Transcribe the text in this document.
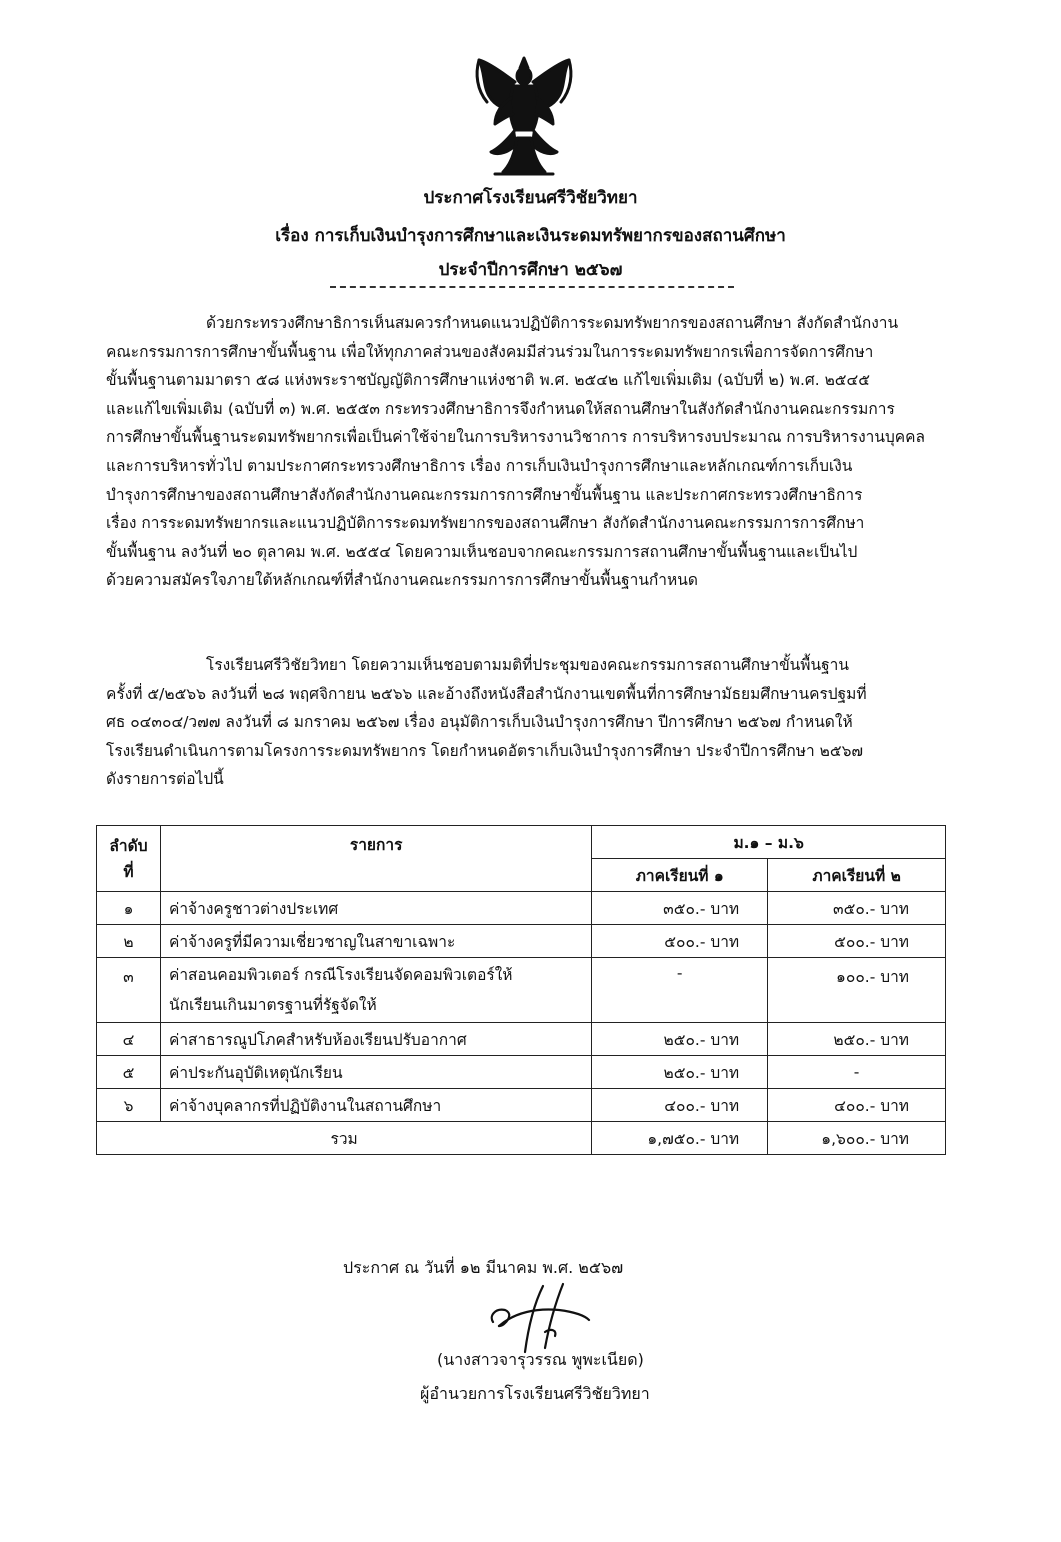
ประกาศโรงเรียนศรีวิชัยวิทยา
เรื่อง การเก็บเงินบำรุงการศึกษาและเงินระดมทรัพยากรของสถานศึกษา
ประจำปีการศึกษา ๒๕๖๗
ด้วยกระทรวงศึกษาธิการเห็นสมควรกำหนดแนวปฏิบัติการระดมทรัพยากรของสถานศึกษา สังกัดสำนักงาน
คณะกรรมการการศึกษาขั้นพื้นฐาน เพื่อให้ทุกภาคส่วนของสังคมมีส่วนร่วมในการระดมทรัพยากรเพื่อการจัดการศึกษา
ขั้นพื้นฐานตามมาตรา ๕๘ แห่งพระราชบัญญัติการศึกษาแห่งชาติ พ.ศ. ๒๕๔๒ แก้ไขเพิ่มเติม (ฉบับที่ ๒) พ.ศ. ๒๕๔๕
และแก้ไขเพิ่มเติม (ฉบับที่ ๓) พ.ศ. ๒๕๕๓ กระทรวงศึกษาธิการจึงกำหนดให้สถานศึกษาในสังกัดสำนักงานคณะกรรมการ
การศึกษาขั้นพื้นฐานระดมทรัพยากรเพื่อเป็นค่าใช้จ่ายในการบริหารงานวิชาการ การบริหารงบประมาณ การบริหารงานบุคคล
และการบริหารทั่วไป ตามประกาศกระทรวงศึกษาธิการ เรื่อง การเก็บเงินบำรุงการศึกษาและหลักเกณฑ์การเก็บเงิน
บำรุงการศึกษาของสถานศึกษาสังกัดสำนักงานคณะกรรมการการศึกษาขั้นพื้นฐาน และประกาศกระทรวงศึกษาธิการ
เรื่อง การระดมทรัพยากรและแนวปฏิบัติการระดมทรัพยากรของสถานศึกษา สังกัดสำนักงานคณะกรรมการการศึกษา
ขั้นพื้นฐาน ลงวันที่ ๒๐ ตุลาคม พ.ศ. ๒๕๕๔ โดยความเห็นชอบจากคณะกรรมการสถานศึกษาขั้นพื้นฐานและเป็นไป
ด้วยความสมัครใจภายใต้หลักเกณฑ์ที่สำนักงานคณะกรรมการการศึกษาขั้นพื้นฐานกำหนด
โรงเรียนศรีวิชัยวิทยา โดยความเห็นชอบตามมติที่ประชุมของคณะกรรมการสถานศึกษาขั้นพื้นฐาน
ครั้งที่ ๕/๒๕๖๖ ลงวันที่ ๒๘ พฤศจิกายน ๒๕๖๖ และอ้างถึงหนังสือสำนักงานเขตพื้นที่การศึกษามัธยมศึกษานครปฐมที่
ศธ ๐๔๓๐๔/ว๗๗ ลงวันที่ ๘ มกราคม ๒๕๖๗ เรื่อง อนุมัติการเก็บเงินบำรุงการศึกษา ปีการศึกษา ๒๕๖๗ กำหนดให้
โรงเรียนดำเนินการตามโครงการระดมทรัพยากร โดยกำหนดอัตราเก็บเงินบำรุงการศึกษา ประจำปีการศึกษา ๒๕๖๗
ดังรายการต่อไปนี้
ลำดับ
ที่	รายการ	ม.๑ – ม.๖	
		ภาคเรียนที่ ๑	ภาคเรียนที่ ๒
๑	ค่าจ้างครูชาวต่างประเทศ	๓๕๐.- บาท	๓๕๐.- บาท
๒	ค่าจ้างครูที่มีความเชี่ยวชาญในสาขาเฉพาะ	๕๐๐.- บาท	๕๐๐.- บาท
๓	ค่าสอนคอมพิวเตอร์ กรณีโรงเรียนจัดคอมพิวเตอร์ให้
นักเรียนเกินมาตรฐานที่รัฐจัดให้	-	๑๐๐.- บาท
๔	ค่าสาธารณูปโภคสำหรับห้องเรียนปรับอากาศ	๒๕๐.- บาท	๒๕๐.- บาท
๕	ค่าประกันอุบัติเหตุนักเรียน	๒๕๐.- บาท	-
๖	ค่าจ้างบุคลากรที่ปฏิบัติงานในสถานศึกษา	๔๐๐.- บาท	๔๐๐.- บาท
รวม		๑,๗๕๐.- บาท	๑,๖๐๐.- บาท
ประกาศ ณ วันที่ ๑๒ มีนาคม พ.ศ. ๒๕๖๗
(นางสาวจารุวรรณ พูพะเนียด)
ผู้อำนวยการโรงเรียนศรีวิชัยวิทยา
